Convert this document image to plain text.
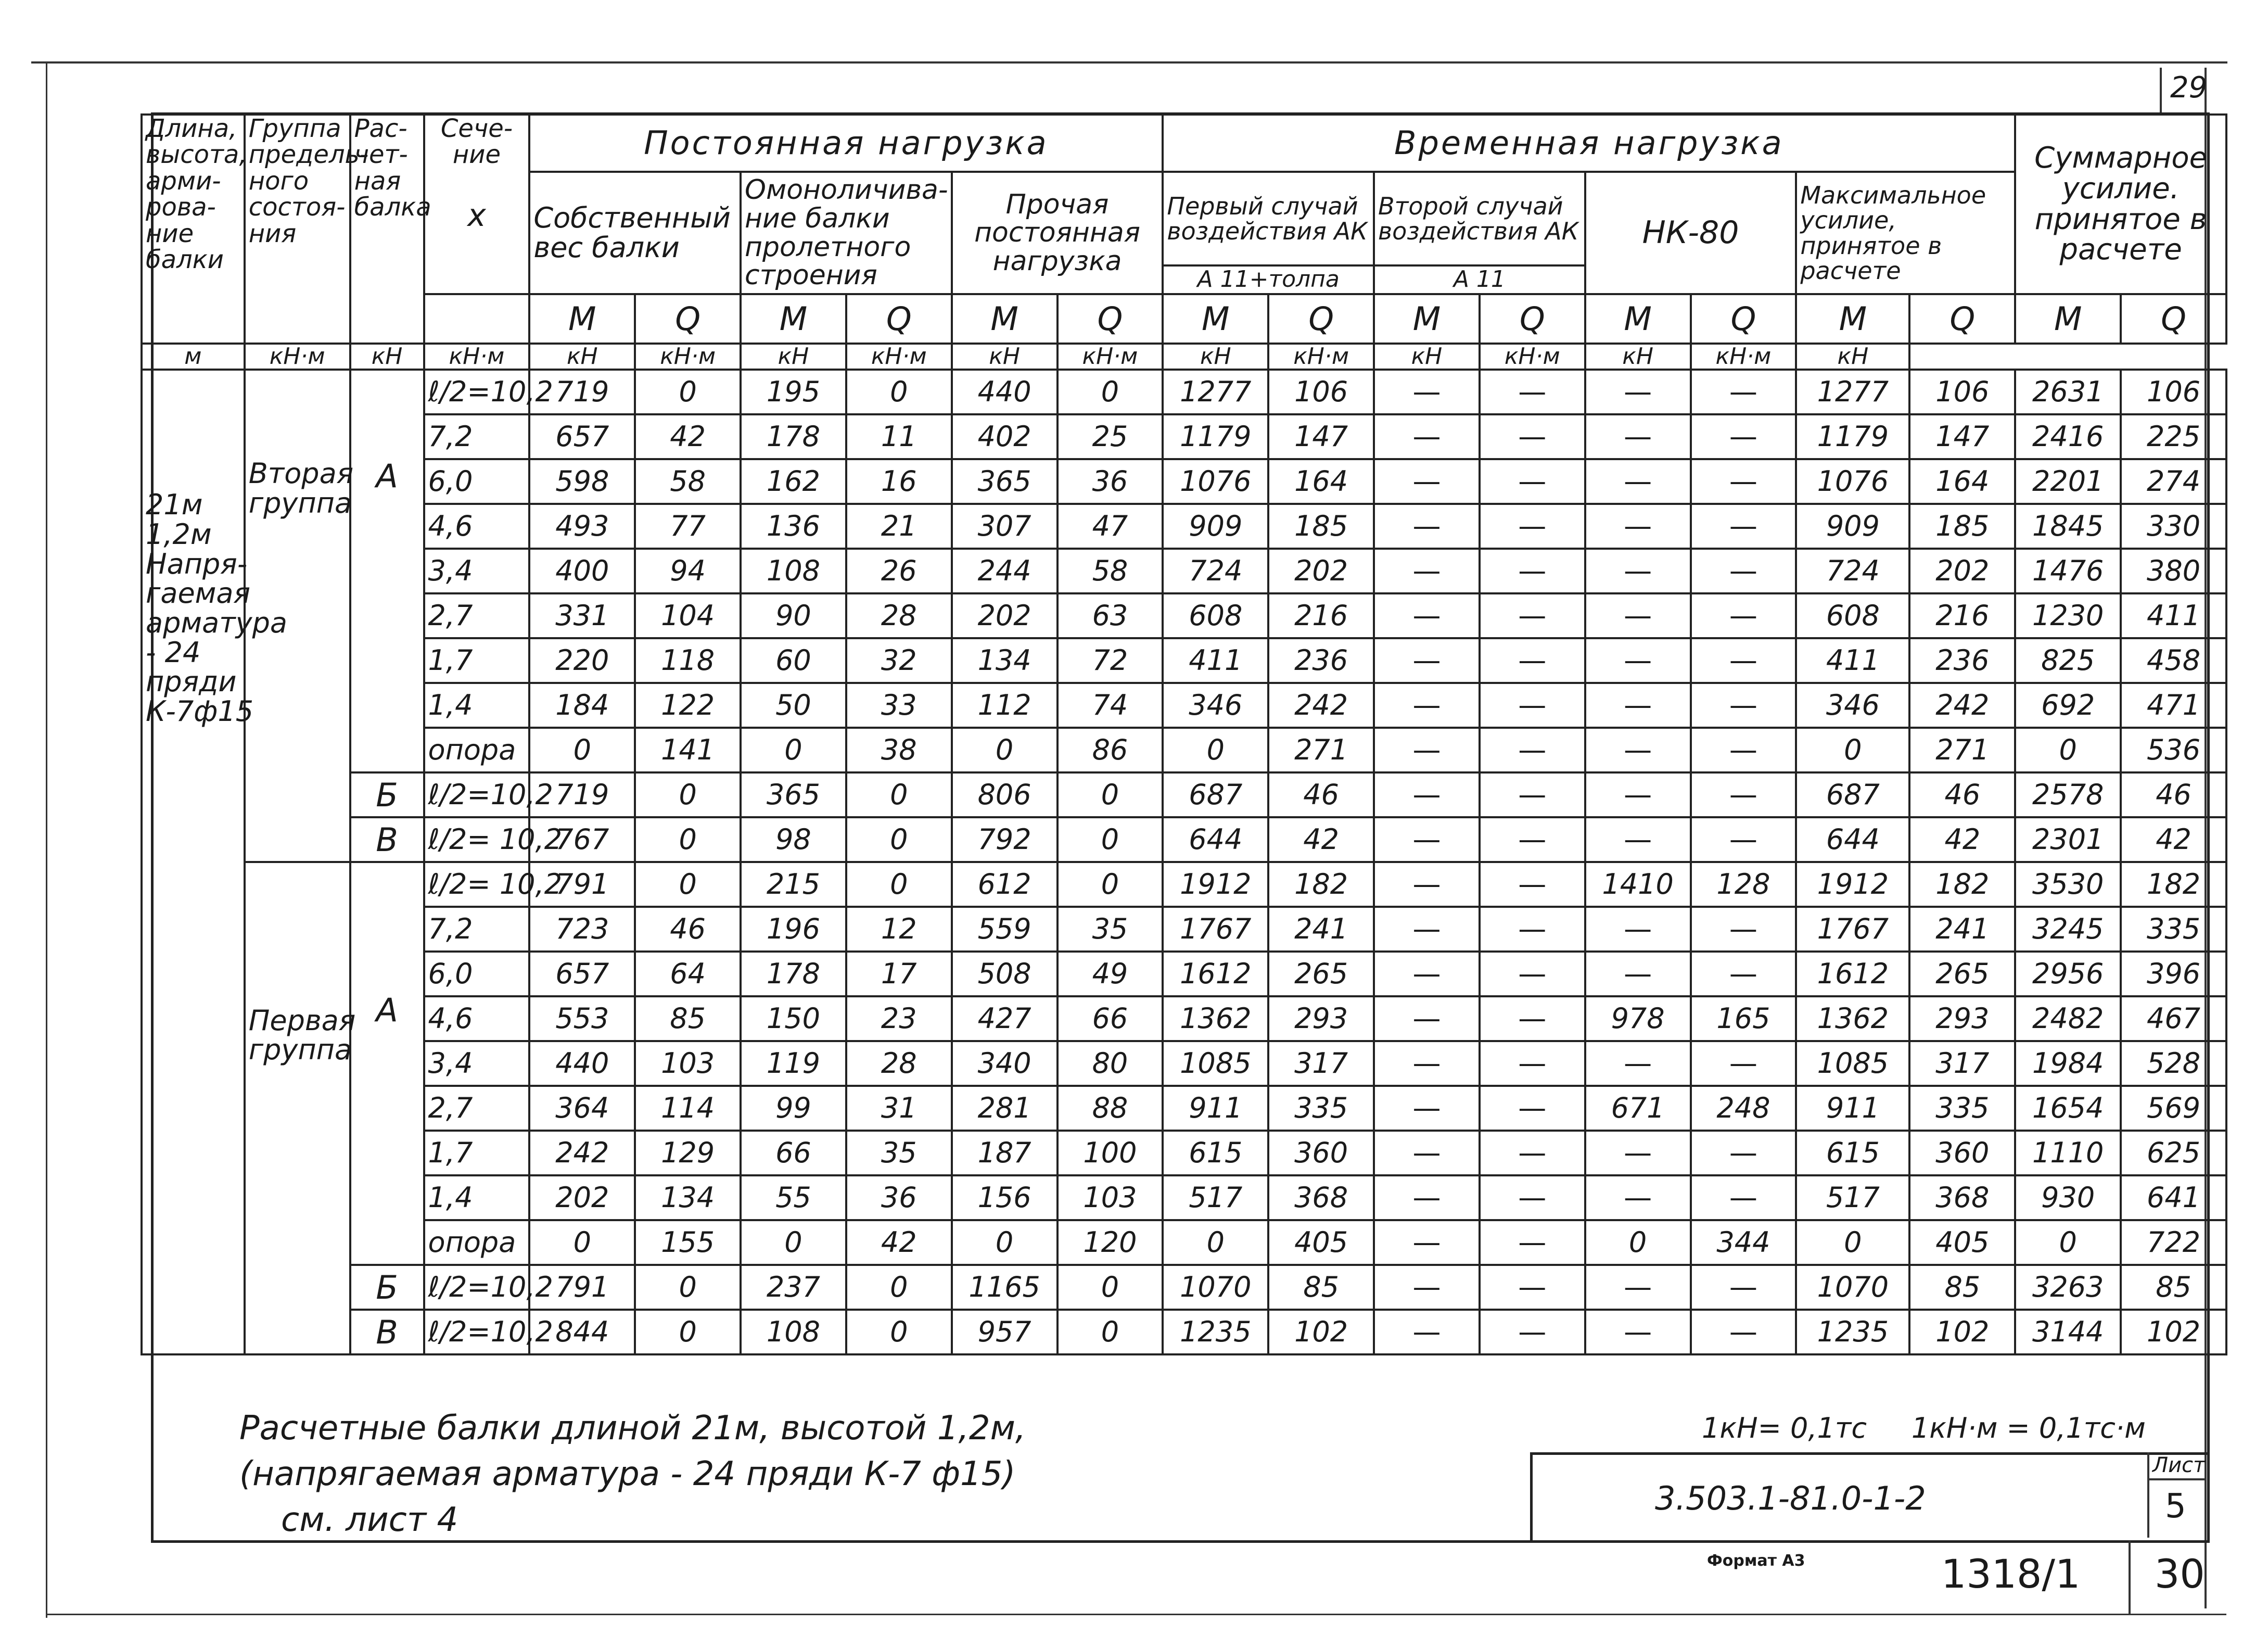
29
Длина, высота, арми-рова-ние балки	Группа предель-ного состоя-ния	Рас-чет-ная балка	Сече-ние
x	Постоянная нагрузка						Временная нагрузка								Суммарное усилие. принятое в расчете	
				Собственный вес балки		Омоноличива-ние балки пролетного строения		Прочая постоянная нагрузка		Первый случай воздействия АК		Второй случай воздействия АК		НК-80		Максимальное усилие, принятое в расчете			
										А 11+толпа		А 11							
				M	Q	M	Q	M	Q	M	Q	M	Q	M	Q	M	Q	M	Q
м	кН·м	кН	кН·м	кН	кН·м	кН	кН·м	кН	кН·м	кН	кН·м	кН	кН·м	кН	кН·м	кН			
21м 1,2м Напря-гаемая арматура - 24 пряди К-7ф15	Вторая группа	А	ℓ/2=10,2	719	0	195	0	440	0	1277	106	—	—	—	—	1277	106	2631	106
			7,2	657	42	178	11	402	25	1179	147	—	—	—	—	1179	147	2416	225
			6,0	598	58	162	16	365	36	1076	164	—	—	—	—	1076	164	2201	274
			4,6	493	77	136	21	307	47	909	185	—	—	—	—	909	185	1845	330
			3,4	400	94	108	26	244	58	724	202	—	—	—	—	724	202	1476	380
			2,7	331	104	90	28	202	63	608	216	—	—	—	—	608	216	1230	411
			1,7	220	118	60	32	134	72	411	236	—	—	—	—	411	236	825	458
			1,4	184	122	50	33	112	74	346	242	—	—	—	—	346	242	692	471
			опора	0	141	0	38	0	86	0	271	—	—	—	—	0	271	0	536
		Б	ℓ/2=10,2	719	0	365	0	806	0	687	46	—	—	—	—	687	46	2578	46
		В	ℓ/2= 10,2	767	0	98	0	792	0	644	42	—	—	—	—	644	42	2301	42
	Первая группа	А	ℓ/2= 10,2	791	0	215	0	612	0	1912	182	—	—	1410	128	1912	182	3530	182
			7,2	723	46	196	12	559	35	1767	241	—	—	—	—	1767	241	3245	335
			6,0	657	64	178	17	508	49	1612	265	—	—	—	—	1612	265	2956	396
			4,6	553	85	150	23	427	66	1362	293	—	—	978	165	1362	293	2482	467
			3,4	440	103	119	28	340	80	1085	317	—	—	—	—	1085	317	1984	528
			2,7	364	114	99	31	281	88	911	335	—	—	671	248	911	335	1654	569
			1,7	242	129	66	35	187	100	615	360	—	—	—	—	615	360	1110	625
			1,4	202	134	55	36	156	103	517	368	—	—	—	—	517	368	930	641
			опора	0	155	0	42	0	120	0	405	—	—	0	344	0	405	0	722
		Б	ℓ/2=10,2	791	0	237	0	1165	0	1070	85	—	—	—	—	1070	85	3263	85
		В	ℓ/2=10,2	844	0	108	0	957	0	1235	102	—	—	—	—	1235	102	3144	102
Расчетные балки длиной 21м, высотой 1,2м,
(напрягаемая арматура - 24 пряди К-7 ф15)
см. лист 4
1кН= 0,1тс     1кН·м = 0,1тс·м
3.503.1-81.0-1-2
Лист
5
Формат А3	1318/1 30
